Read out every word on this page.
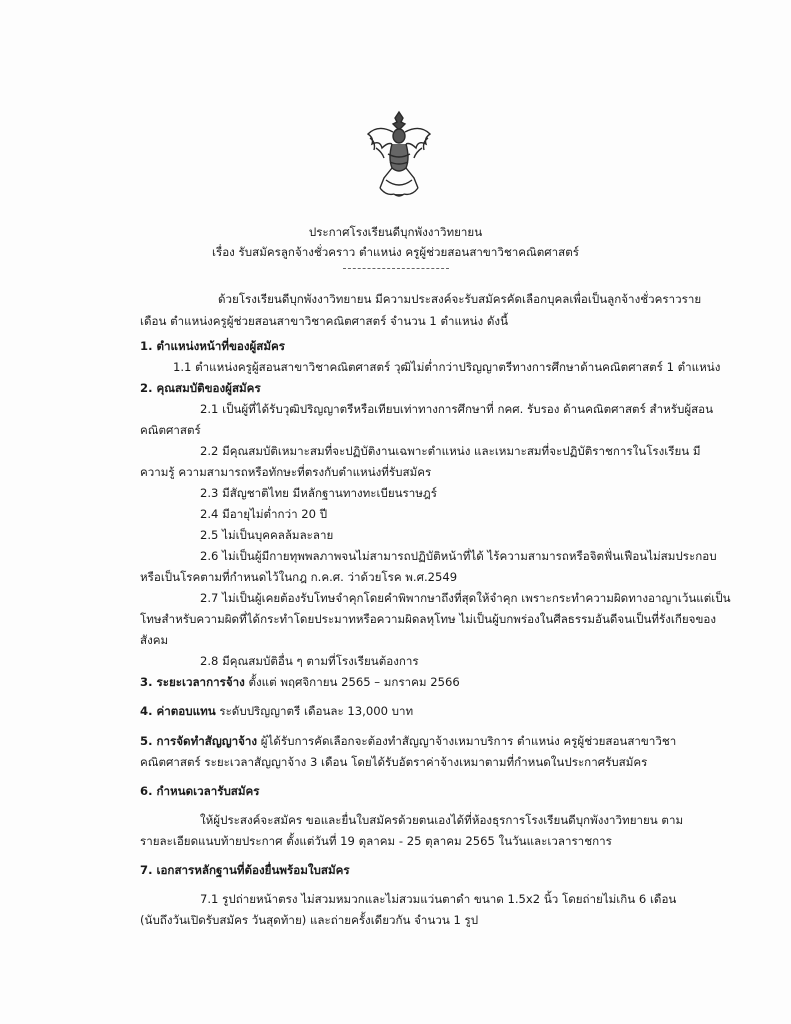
ประกาศโรงเรียนดีบุกพังงาวิทยายน
เรื่อง รับสมัครลูกจ้างชั่วคราว ตำแหน่ง ครูผู้ช่วยสอนสาขาวิชาคณิตศาสตร์
ด้วยโรงเรียนดีบุกพังงาวิทยายน มีความประสงค์จะรับสมัครคัดเลือกบุคลเพื่อเป็นลูกจ้างชั่วคราวราย
เดือน ตำแหน่งครูผู้ช่วยสอนสาขาวิชาคณิตศาสตร์ จำนวน 1 ตำแหน่ง ดังนี้
1. ตำแหน่งหน้าที่ของผู้สมัคร
1.1 ตำแหน่งครูผู้สอนสาขาวิชาคณิตศาสตร์ วุฒิไม่ต่ำกว่าปริญญาตรีทางการศึกษาด้านคณิตศาสตร์ 1 ตำแหน่ง
2. คุณสมบัติของผู้สมัคร
2.1 เป็นผู้ที่ได้รับวุฒิปริญญาตรีหรือเทียบเท่าทางการศึกษาที่ กคศ. รับรอง ด้านคณิตศาสตร์ สำหรับผู้สอน
คณิตศาสตร์
2.2 มีคุณสมบัติเหมาะสมที่จะปฏิบัติงานเฉพาะตำแหน่ง และเหมาะสมที่จะปฏิบัติราชการในโรงเรียน มี
ความรู้ ความสามารถหรือทักษะที่ตรงกับตำแหน่งที่รับสมัคร
2.3 มีสัญชาติไทย มีหลักฐานทางทะเบียนราษฎร์
2.4 มีอายุไม่ต่ำกว่า 20 ปี
2.5 ไม่เป็นบุคคลล้มละลาย
2.6 ไม่เป็นผู้มีกายทุพพลภาพจนไม่สามารถปฏิบัติหน้าที่ได้ ไร้ความสามารถหรือจิตฟั่นเฟือนไม่สมประกอบ
หรือเป็นโรคตามที่กำหนดไว้ในกฎ ก.ค.ศ. ว่าด้วยโรค พ.ศ.2549
2.7 ไม่เป็นผู้เคยต้องรับโทษจำคุกโดยคำพิพากษาถึงที่สุดให้จำคุก เพราะกระทำความผิดทางอาญาเว้นแต่เป็น
โทษสำหรับความผิดที่ได้กระทำโดยประมาทหรือความผิดลหุโทษ ไม่เป็นผู้บกพร่องในศีลธรรมอันดีจนเป็นที่รังเกียจของ
สังคม
2.8 มีคุณสมบัติอื่น ๆ ตามที่โรงเรียนต้องการ
3. ระยะเวลาการจ้าง ตั้งแต่ พฤศจิกายน 2565 – มกราคม 2566
4. ค่าตอบแทน ระดับปริญญาตรี เดือนละ 13,000 บาท
5. การจัดทำสัญญาจ้าง ผู้ได้รับการคัดเลือกจะต้องทำสัญญาจ้างเหมาบริการ ตำแหน่ง ครูผู้ช่วยสอนสาขาวิชา
คณิตศาสตร์ ระยะเวลาสัญญาจ้าง 3 เดือน โดยได้รับอัตราค่าจ้างเหมาตามที่กำหนดในประกาศรับสมัคร
6. กำหนดเวลารับสมัคร
ให้ผู้ประสงค์จะสมัคร ขอและยื่นใบสมัครด้วยตนเองได้ที่ห้องธุรการโรงเรียนดีบุกพังงาวิทยายน ตาม
รายละเอียดแนบท้ายประกาศ ตั้งแต่วันที่ 19 ตุลาคม - 25 ตุลาคม 2565 ในวันและเวลาราชการ
7. เอกสารหลักฐานที่ต้องยื่นพร้อมใบสมัคร
7.1 รูปถ่ายหน้าตรง ไม่สวมหมวกและไม่สวมแว่นตาดำ ขนาด 1.5x2 นิ้ว โดยถ่ายไม่เกิน 6 เดือน
(นับถึงวันเปิดรับสมัคร วันสุดท้าย) และถ่ายครั้งเดียวกัน จำนวน 1 รูป
